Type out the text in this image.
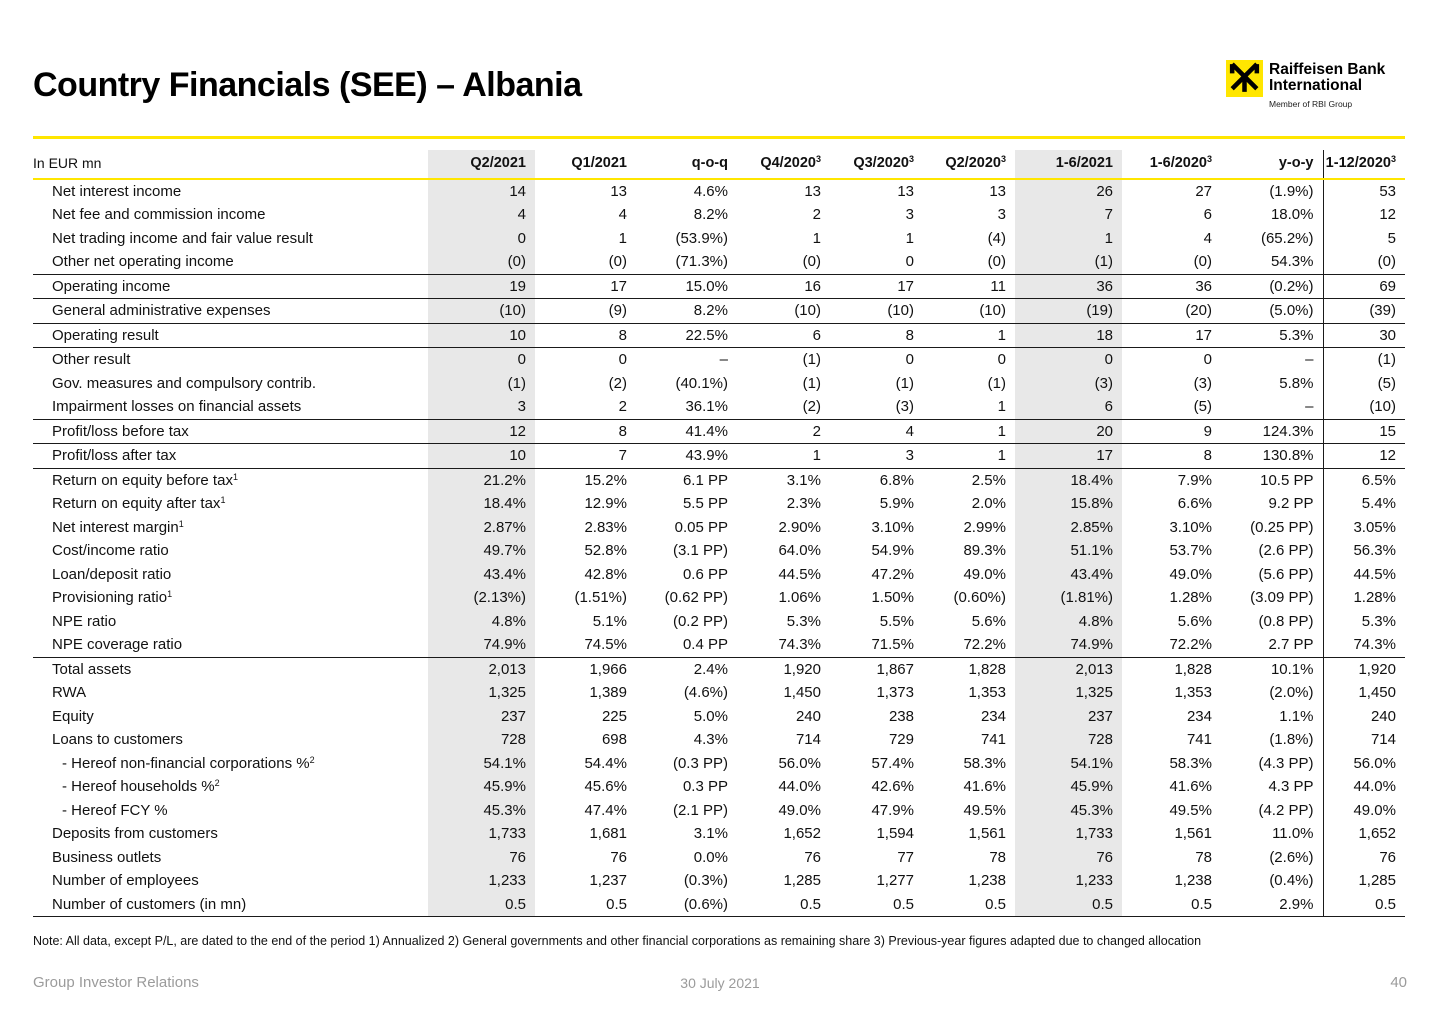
Country Financials (SEE) – Albania	Raiffeisen Bank
International
Member of RBI Group
In EUR mn	Q2/2021	Q1/2021	q-o-q	Q4/2020$^3$	Q3/2020$^3$	Q2/2020$^3$	1-6/2021	1-6/2020$^3$	y-o-y	1-12/2020$^3$
Net interest income	14	13	4.6%	13	13	13	26	27	(1.9%)	53
Net fee and commission income	4	4	8.2%	2	3	3	7	6	18.0%	12
Net trading income and fair value result	0	1	(53.9%)	1	1	(4)	1	4	(65.2%)	5
Other net operating income	(0)	(0)	(71.3%)	(0)	0	(0)	(1)	(0)	54.3%	(0)
Operating income	19	17	15.0%	16	17	11	36	36	(0.2%)	69
General administrative expenses	(10)	(9)	8.2%	(10)	(10)	(10)	(19)	(20)	(5.0%)	(39)
Operating result	10	8	22.5%	6	8	1	18	17	5.3%	30
Other result	0	0	–	(1)	0	0	0	0	–	(1)
Gov. measures and compulsory contrib.	(1)	(2)	(40.1%)	(1)	(1)	(1)	(3)	(3)	5.8%	(5)
Impairment losses on financial assets	3	2	36.1%	(2)	(3)	1	6	(5)	–	(10)
Profit/loss before tax	12	8	41.4%	2	4	1	20	9	124.3%	15
Profit/loss after tax	10	7	43.9%	1	3	1	17	8	130.8%	12
Return on equity before tax$^1$	21.2%	15.2%	6.1 PP	3.1%	6.8%	2.5%	18.4%	7.9%	10.5 PP	6.5%
Return on equity after tax$^1$	18.4%	12.9%	5.5 PP	2.3%	5.9%	2.0%	15.8%	6.6%	9.2 PP	5.4%
Net interest margin$^1$	2.87%	2.83%	0.05 PP	2.90%	3.10%	2.99%	2.85%	3.10%	(0.25 PP)	3.05%
Cost/income ratio	49.7%	52.8%	(3.1 PP)	64.0%	54.9%	89.3%	51.1%	53.7%	(2.6 PP)	56.3%
Loan/deposit ratio	43.4%	42.8%	0.6 PP	44.5%	47.2%	49.0%	43.4%	49.0%	(5.6 PP)	44.5%
Provisioning ratio$^1$	(2.13%)	(1.51%)	(0.62 PP)	1.06%	1.50%	(0.60%)	(1.81%)	1.28%	(3.09 PP)	1.28%
NPE ratio	4.8%	5.1%	(0.2 PP)	5.3%	5.5%	5.6%	4.8%	5.6%	(0.8 PP)	5.3%
NPE coverage ratio	74.9%	74.5%	0.4 PP	74.3%	71.5%	72.2%	74.9%	72.2%	2.7 PP	74.3%
Total assets	2,013	1,966	2.4%	1,920	1,867	1,828	2,013	1,828	10.1%	1,920
RWA	1,325	1,389	(4.6%)	1,450	1,373	1,353	1,325	1,353	(2.0%)	1,450
Equity	237	225	5.0%	240	238	234	237	234	1.1%	240
Loans to customers	728	698	4.3%	714	729	741	728	741	(1.8%)	714
- Hereof non-financial corporations %$^2$	54.1%	54.4%	(0.3 PP)	56.0%	57.4%	58.3%	54.1%	58.3%	(4.3 PP)	56.0%
- Hereof households %$^2$	45.9%	45.6%	0.3 PP	44.0%	42.6%	41.6%	45.9%	41.6%	4.3 PP	44.0%
- Hereof FCY %	45.3%	47.4%	(2.1 PP)	49.0%	47.9%	49.5%	45.3%	49.5%	(4.2 PP)	49.0%
Deposits from customers	1,733	1,681	3.1%	1,652	1,594	1,561	1,733	1,561	11.0%	1,652
Business outlets	76	76	0.0%	76	77	78	76	78	(2.6%)	76
Number of employees	1,233	1,237	(0.3%)	1,285	1,277	1,238	1,233	1,238	(0.4%)	1,285
Number of customers (in mn)	0.5	0.5	(0.6%)	0.5	0.5	0.5	0.5	0.5	2.9%	0.5
Note: All data, except P/L, are dated to the end of the period 1) Annualized 2) General governments and other financial corporations as remaining share 3) Previous-year figures adapted due to changed allocation
Group Investor Relations	30 July 2021	40
